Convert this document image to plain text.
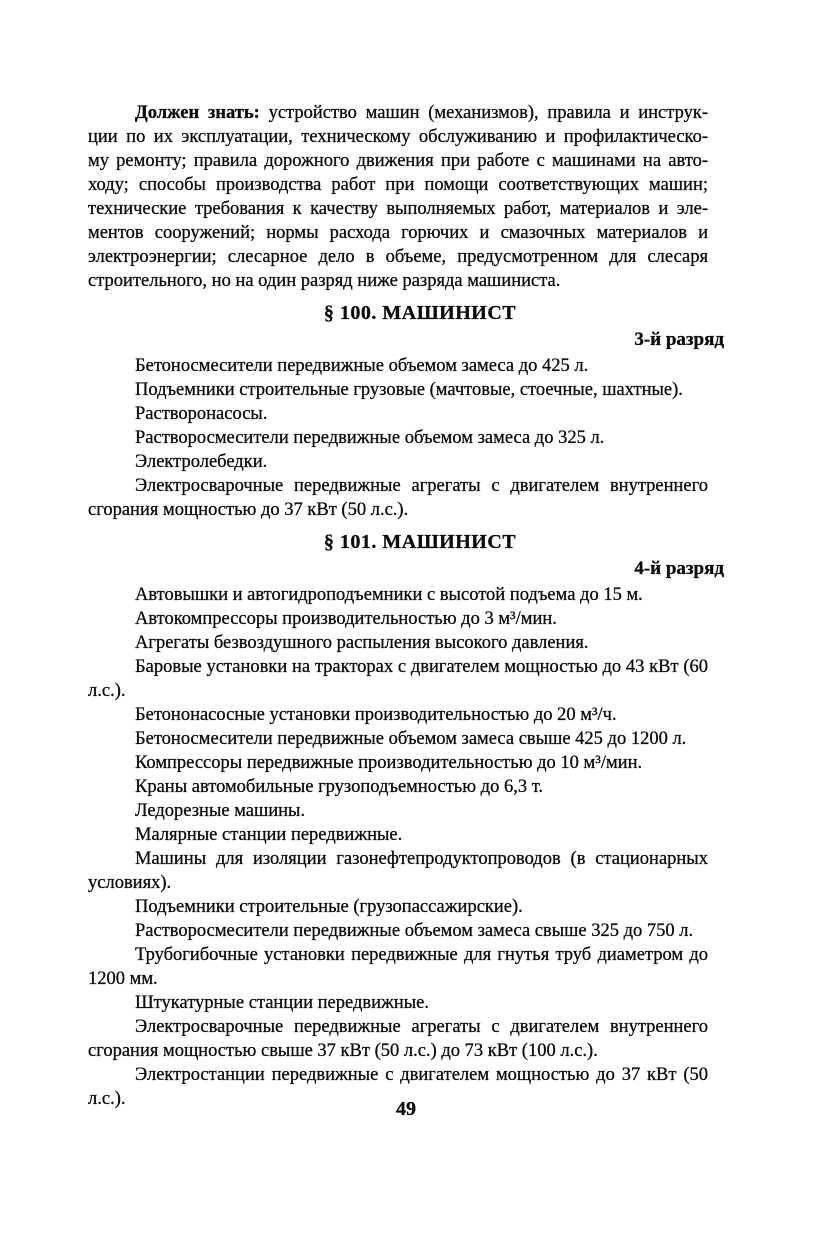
Должен знать: устройство машин (механизмов), правила и инструк-
ции по их эксплуатации, техническому обслуживанию и профилактическо-
му ремонту; правила дорожного движения при работе с машинами на авто-
ходу; способы производства работ при помощи соответствующих машин;
технические требования к качеству выполняемых работ, материалов и эле-
ментов сооружений; нормы расхода горючих и смазочных материалов и
электроэнергии; слесарное дело в объеме, предусмотренном для слесаря
строительного, но на один разряд ниже разряда машиниста.
§ 100. МАШИНИСТ
3-й разряд
Бетоносмесители передвижные объемом замеса до 425 л.
Подъемники строительные грузовые (мачтовые, стоечные, шахтные).
Растворонасосы.
Растворосмесители передвижные объемом замеса до 325 л.
Электролебедки.
Электросварочные передвижные агрегаты с двигателем внутреннего сгорания мощностью до 37 кВт (50 л.с.).
§ 101. МАШИНИСТ
4-й разряд
Автовышки и автогидроподъемники с высотой подъема до 15 м.
Автокомпрессоры производительностью до 3 м³/мин.
Агрегаты безвоздушного распыления высокого давления.
Баровые установки на тракторах с двигателем мощностью до 43 кВт (60 л.с.).
Бетононасосные установки производительностью до 20 м³/ч.
Бетоносмесители передвижные объемом замеса свыше 425 до 1200 л.
Компрессоры передвижные производительностью до 10 м³/мин.
Краны автомобильные грузоподъемностью до 6,3 т.
Ледорезные машины.
Малярные станции передвижные.
Машины для изоляции газонефтепродуктопроводов (в стационарных условиях).
Подъемники строительные (грузопассажирские).
Растворосмесители передвижные объемом замеса свыше 325 до 750 л.
Трубогибочные установки передвижные для гнутья труб диаметром до 1200 мм.
Штукатурные станции передвижные.
Электросварочные передвижные агрегаты с двигателем внутреннего сгорания мощностью свыше 37 кВт (50 л.с.) до 73 кВт (100 л.с.).
Электростанции передвижные с двигателем мощностью до 37 кВт (50 л.с.).	49
